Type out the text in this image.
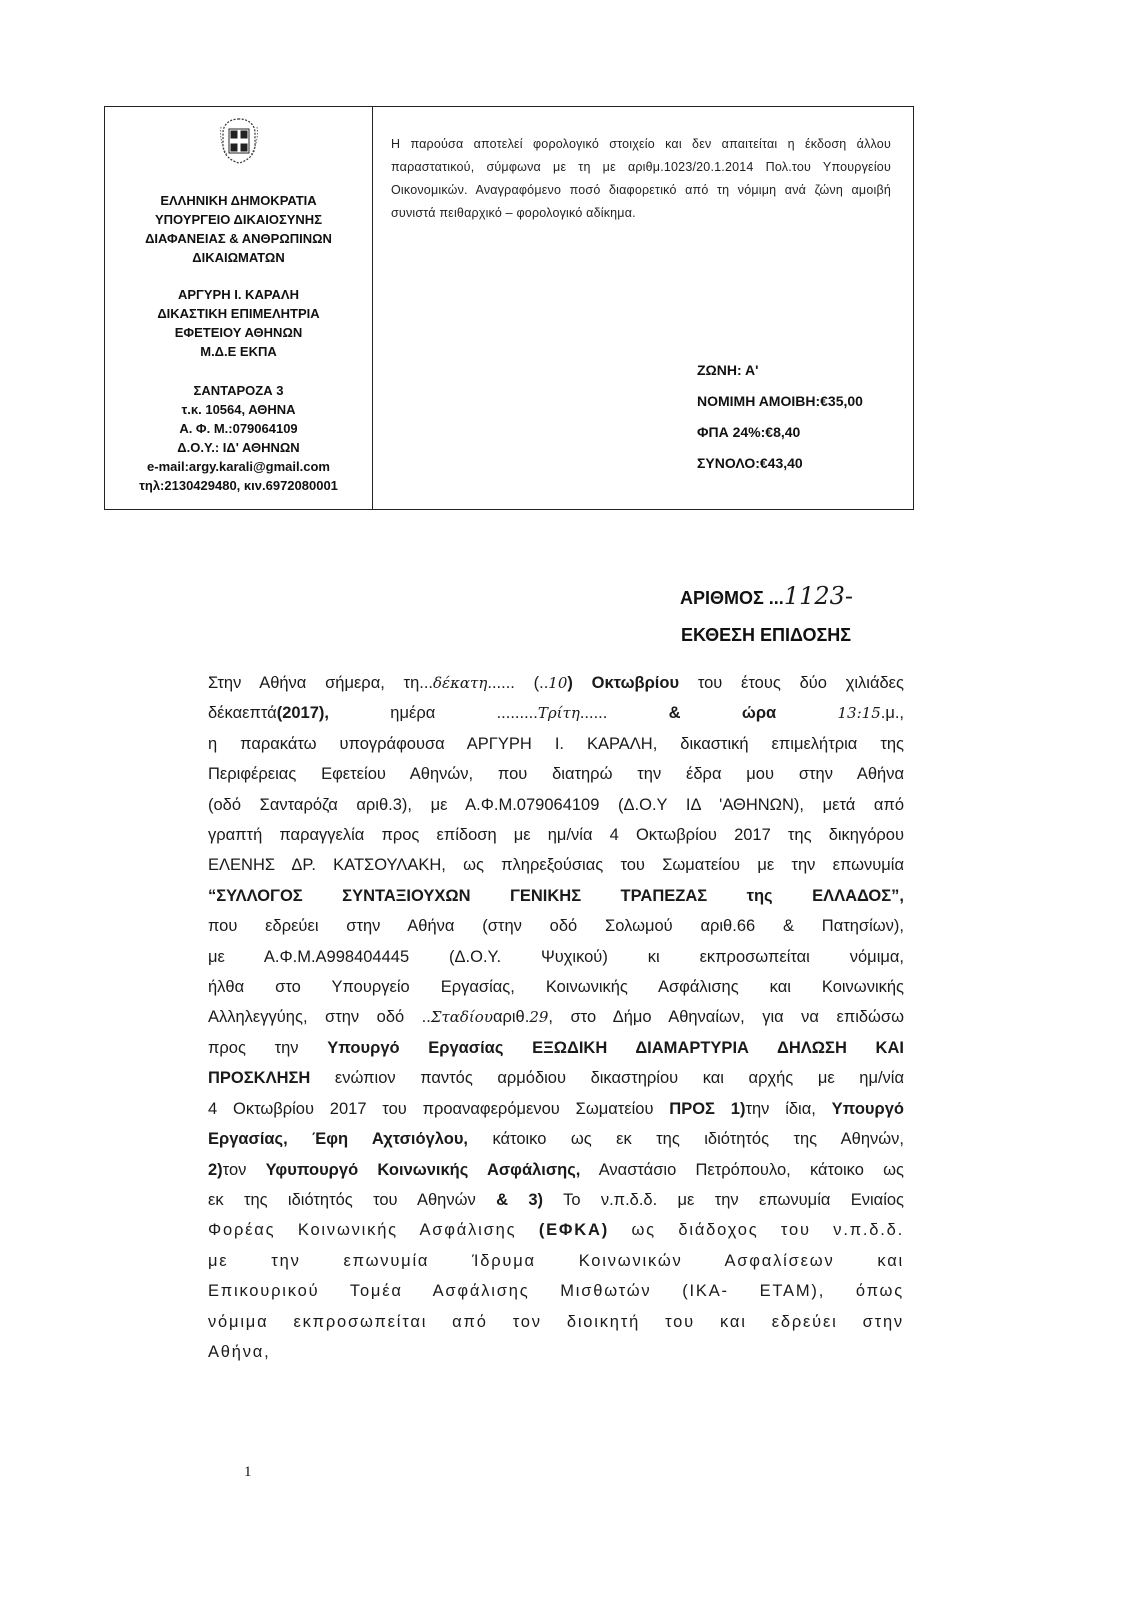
ΕΛΛΗΝΙΚΗ ΔΗΜΟΚΡΑΤΙΑ
ΥΠΟΥΡΓΕΙΟ ΔΙΚΑΙΟΣΥΝΗΣ
ΔΙΑΦΑΝΕΙΑΣ & ΑΝΘΡΩΠΙΝΩΝ
ΔΙΚΑΙΩΜΑΤΩΝ
ΑΡΓΥΡΗ Ι. ΚΑΡΑΛΗ
ΔΙΚΑΣΤΙΚΗ ΕΠΙΜΕΛΗΤΡΙΑ
ΕΦΕΤΕΙΟΥ ΑΘΗΝΩΝ
Μ.Δ.Ε ΕΚΠΑ
ΣΑΝΤΑΡΟΖΑ 3
τ.κ. 10564, ΑΘΗΝΑ
Α. Φ. Μ.:079064109
Δ.Ο.Υ.: ΙΔ' ΑΘΗΝΩΝ
e-mail:argy.karali@gmail.com
τηλ:2130429480, κιν.6972080001
Η παρούσα αποτελεί φορολογικό στοιχείο και δεν απαιτείται η έκδοση άλλου παραστατικού, σύμφωνα με τη με αριθμ.1023/20.1.2014 Πολ.του Υπουργείου Οικονομικών. Αναγραφόμενο ποσό διαφορετικό από τη νόμιμη ανά ζώνη αμοιβή συνιστά πειθαρχικό – φορολογικό αδίκημα.
ΖΩΝΗ: Α'
ΝΟΜΙΜΗ ΑΜΟΙΒΗ:€35,00
ΦΠΑ 24%:€8,40
ΣΥΝΟΛΟ:€43,40
ΑΡΙΘΜΟΣ ...1123-
ΕΚΘΕΣΗ ΕΠΙΔΟΣΗΣ
Στην Αθήνα σήμερα, τη...δέκατη...... (..10) Οκτωβρίου του έτους δύο χιλιάδες
δέκαεπτά(2017),	ημέρα	.........Τρίτη......	&	ώρα	13:15.μ.,
η παρακάτω υπογράφουσα ΑΡΓΥΡΗ Ι. ΚΑΡΑΛΗ, δικαστική επιμελήτρια της
Περιφέρειας Εφετείου Αθηνών, που διατηρώ την έδρα μου στην Αθήνα
(οδό Σανταρόζα αριθ.3), με Α.Φ.Μ.079064109 (Δ.Ο.Υ ΙΔ 'ΑΘΗΝΩΝ), μετά από
γραπτή παραγγελία προς επίδοση με ημ/νία 4 Οκτωβρίου 2017 της δικηγόρου
ΕΛΕΝΗΣ ΔΡ. ΚΑΤΣΟΥΛΑΚΗ, ως πληρεξούσιας του Σωματείου με την επωνυμία
“ΣΥΛΛΟΓΟΣ ΣΥΝΤΑΞΙΟΥΧΩΝ ΓΕΝΙΚΗΣ ΤΡΑΠΕΖΑΣ της ΕΛΛΑΔΟΣ”,
που εδρεύει στην Αθήνα (στην οδό Σολωμού αριθ.66 & Πατησίων),
με Α.Φ.Μ.Α998404445 (Δ.Ο.Υ. Ψυχικού) κι εκπροσωπείται νόμιμα,
ήλθα στο Υπουργείο Εργασίας, Κοινωνικής Ασφάλισης και Κοινωνικής
Αλληλεγγύης, στην οδό ..Σταδίουαριθ.29, στο Δήμο Αθηναίων, για να επιδώσω
προς την Υπουργό Εργασίας ΕΞΩΔΙΚΗ ΔΙΑΜΑΡΤΥΡΙΑ ΔΗΛΩΣΗ ΚΑΙ
ΠΡΟΣΚΛΗΣΗ ενώπιον παντός αρμόδιου δικαστηρίου και αρχής με ημ/νία
4 Οκτωβρίου 2017 του προαναφερόμενου Σωματείου ΠΡΟΣ 1)την ίδια, Υπουργό
Εργασίας, Έφη Αχτσιόγλου, κάτοικο ως εκ της ιδιότητός της Αθηνών,
2)τον Υφυπουργό Κοινωνικής Ασφάλισης, Αναστάσιο Πετρόπουλο, κάτοικο ως
εκ της ιδιότητός του Αθηνών & 3) Το ν.π.δ.δ. με την επωνυμία Ενιαίος
Φορέας Κοινωνικής Ασφάλισης (ΕΦΚΑ) ως διάδοχος του ν.π.δ.δ.
με την επωνυμία Ίδρυμα Κοινωνικών Ασφαλίσεων και
Επικουρικού Τομέα Ασφάλισης Μισθωτών (ΙΚΑ- ΕΤΑΜ), όπως
νόμιμα εκπροσωπείται από τον διοικητή του και εδρεύει στην
Αθήνα,
1
